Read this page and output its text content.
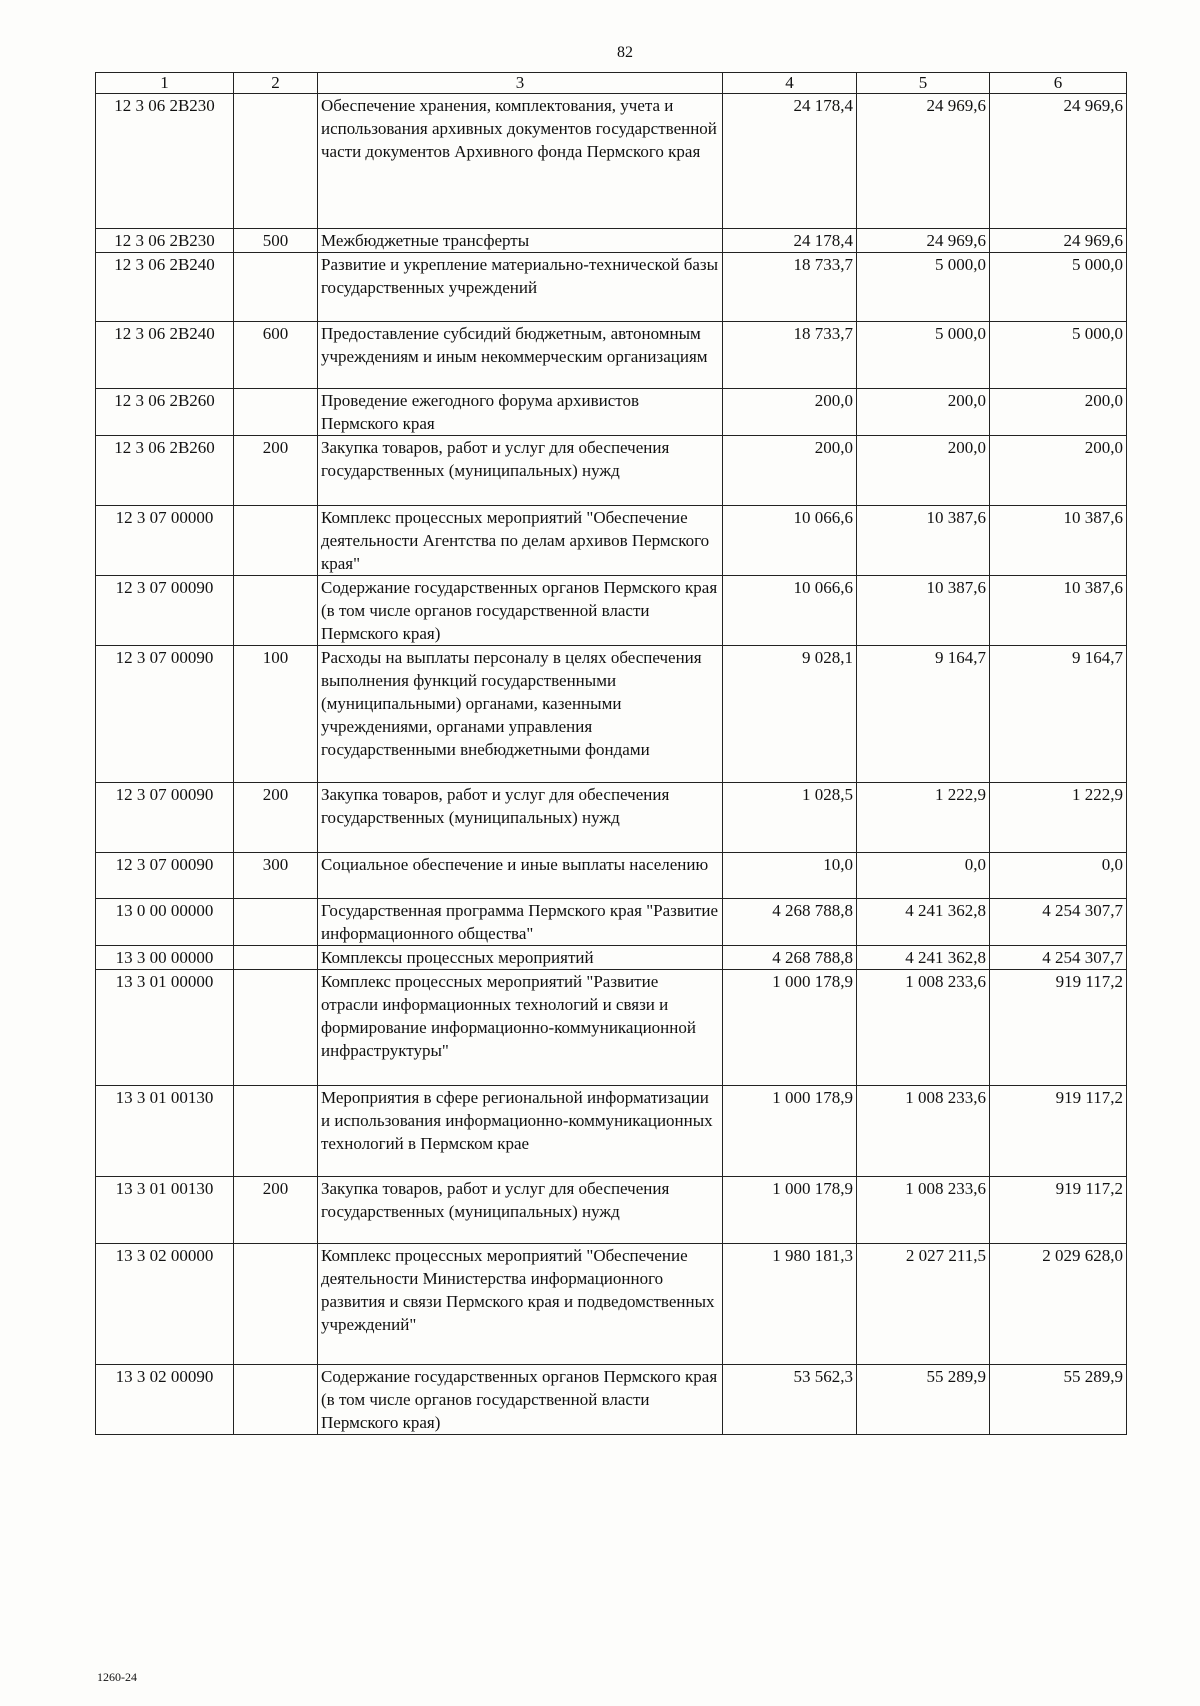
82
1	2	3	4	5	6
12 3 06 2В230		Обеспечение хранения, комплектования, учета и использования архивных документов государственной части документов Архивного фонда Пермского края	24 178,4	24 969,6	24 969,6
12 3 06 2В230	500	Межбюджетные трансферты	24 178,4	24 969,6	24 969,6
12 3 06 2В240		Развитие и укрепление материально-технической базы государственных учреждений	18 733,7	5 000,0	5 000,0
12 3 06 2В240	600	Предоставление субсидий бюджетным, автономным учреждениям и иным некоммерческим организациям	18 733,7	5 000,0	5 000,0
12 3 06 2В260		Проведение ежегодного форума архивистов Пермского края	200,0	200,0	200,0
12 3 06 2В260	200	Закупка товаров, работ и услуг для обеспечения государственных (муниципальных) нужд	200,0	200,0	200,0
12 3 07 00000		Комплекс процессных мероприятий "Обеспечение деятельности Агентства по делам архивов Пермского края"	10 066,6	10 387,6	10 387,6
12 3 07 00090		Содержание государственных органов Пермского края (в том числе органов государственной власти Пермского края)	10 066,6	10 387,6	10 387,6
12 3 07 00090	100	Расходы на выплаты персоналу в целях обеспечения выполнения функций государственными (муниципальными) органами, казенными учреждениями, органами управления государственными внебюджетными фондами	9 028,1	9 164,7	9 164,7
12 3 07 00090	200	Закупка товаров, работ и услуг для обеспечения государственных (муниципальных) нужд	1 028,5	1 222,9	1 222,9
12 3 07 00090	300	Социальное обеспечение и иные выплаты населению	10,0	0,0	0,0
13 0 00 00000		Государственная программа Пермского края "Развитие информационного общества"	4 268 788,8	4 241 362,8	4 254 307,7
13 3 00 00000		Комплексы процессных мероприятий	4 268 788,8	4 241 362,8	4 254 307,7
13 3 01 00000		Комплекс процессных мероприятий "Развитие отрасли информационных технологий и связи и формирование информационно-коммуникационной инфраструктуры"	1 000 178,9	1 008 233,6	919 117,2
13 3 01 00130		Мероприятия в сфере региональной информатизации и использования информационно-коммуникационных технологий в Пермском крае	1 000 178,9	1 008 233,6	919 117,2
13 3 01 00130	200	Закупка товаров, работ и услуг для обеспечения государственных (муниципальных) нужд	1 000 178,9	1 008 233,6	919 117,2
13 3 02 00000		Комплекс процессных мероприятий "Обеспечение деятельности Министерства информационного развития и связи Пермского края и подведомственных учреждений"	1 980 181,3	2 027 211,5	2 029 628,0
13 3 02 00090		Содержание государственных органов Пермского края (в том числе органов государственной власти Пермского края)	53 562,3	55 289,9	55 289,9
1260-24
